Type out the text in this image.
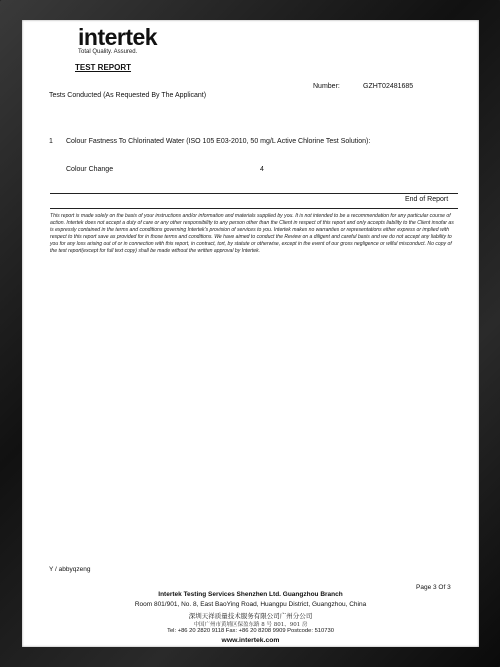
intertek
Total Quality. Assured.
TEST REPORT
Number:	GZHT02481685
Tests Conducted (As Requested By The Applicant)
1 Colour Fastness To Chlorinated Water (ISO 105 E03-2010, 50 mg/L Active Chlorine Test Solution):
Colour Change	4
End of Report
This report is made solely on the basis of your instructions and/or information and materials supplied by you. It is not intended to be a recommendation for any particular course of action. Intertek does not accept a duty of care or any other responsibility to any person other than the Client in respect of this report and only accepts liability to the Client insofar as is expressly contained in the terms and conditions governing Intertek's provision of services to you. Intertek makes no warranties or representations either express or implied with respect to this report save as provided for in those terms and conditions. We have aimed to conduct the Review on a diligent and careful basis and we do not accept any liability to you for any loss arising out of or in connection with this report, in contract, tort, by statute or otherwise, except in the event of our gross negligence or wilful misconduct. No copy of the test report(except for full text copy) shall be made without the written approval by Intertek.
Y / abbyqzeng
Page 3 Of 3
Intertek Testing Services Shenzhen Ltd. Guangzhou Branch
Room 801/901, No. 8, East BaoYing Road, Huangpu District, Guangzhou, China
深圳天祥质量技术服务有限公司广州分公司
中国广州市黄埔区保盈东路 8 号 801、901 房
Tel: +86 20 2820 9118 Fax: +86 20 8208 9909 Postcode: 510730
www.intertek.com
